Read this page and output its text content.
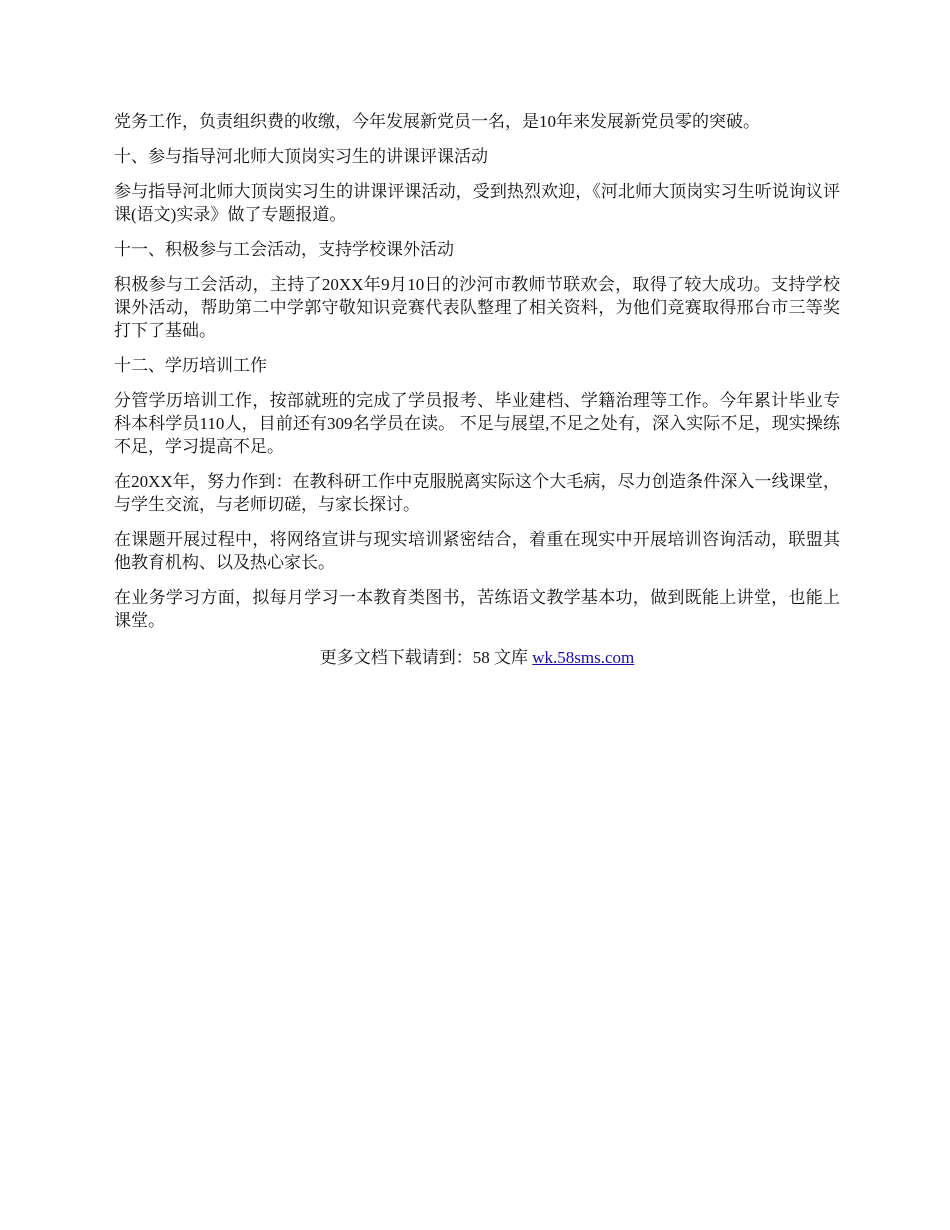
党务工作，负责组织费的收缴，今年发展新党员一名，是10年来发展新党员零的突破。

十、参与指导河北师大顶岗实习生的讲课评课活动

参与指导河北师大顶岗实习生的讲课评课活动，受到热烈欢迎，《河北师大顶岗实习生听说询议评课(语文)实录》做了专题报道。

十一、积极参与工会活动，支持学校课外活动

积极参与工会活动，主持了20XX年9月10日的沙河市教师节联欢会，取得了较大成功。支持学校课外活动，帮助第二中学郭守敬知识竞赛代表队整理了相关资料，为他们竞赛取得邢台市三等奖打下了基础。

十二、学历培训工作

分管学历培训工作，按部就班的完成了学员报考、毕业建档、学籍治理等工作。今年累计毕业专科本科学员110人，目前还有309名学员在读。 不足与展望,不足之处有，深入实际不足，现实操练不足，学习提高不足。

在20XX年，努力作到：在教科研工作中克服脱离实际这个大毛病，尽力创造条件深入一线课堂，与学生交流，与老师切磋，与家长探讨。

在课题开展过程中，将网络宣讲与现实培训紧密结合，着重在现实中开展培训咨询活动，联盟其他教育机构、以及热心家长。

在业务学习方面，拟每月学习一本教育类图书，苦练语文教学基本功，做到既能上讲堂，也能上课堂。

更多文档下载请到：58 文库 wk.58sms.com
